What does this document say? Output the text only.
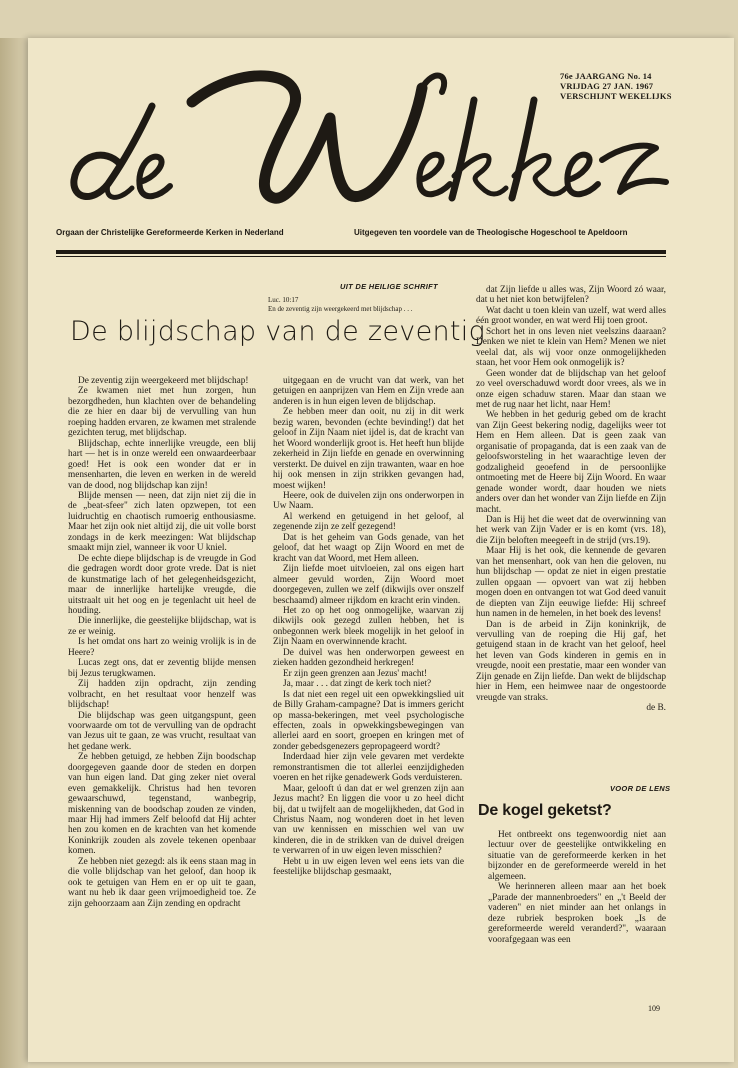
76e JAARGANG No. 14
VRIJDAG 27 JAN. 1967
VERSCHIJNT WEKELIJKS
Orgaan der Christelijke Gereformeerde Kerken in Nederland	Uitgegeven ten voordele van de Theologische Hogeschool te Apeldoorn
UIT DE HEILIGE SCHRIFT
Luc. 10:17
En de zeventig zijn weergekeerd met blijdschap . . .
De blijdschap van de zeventig

De zeventig zijn weergekeerd met blijdschap!

Ze kwamen niet met hun zorgen, hun bezorgdheden, hun klachten over de behandeling die ze hier en daar bij de vervulling van hun roeping hadden ervaren, ze kwamen met stralende gezichten terug, met blijdschap.

Blijdschap, echte innerlijke vreugde, een blij hart — het is in onze wereld een onwaardeerbaar goed! Het is ook een wonder dat er in mensenharten, die leven en werken in de wereld van de dood, nog blijdschap kan zijn!

Blijde mensen — neen, dat zijn niet zij die in de „beat-sfeer" zich laten opzwepen, tot een luidruchtig en chaotisch rumoerig enthousiasme. Maar het zijn ook niet altijd zij, die uit volle borst zondags in de kerk meezingen: Wat blijdschap smaakt mijn ziel, wanneer ik voor U kniel.

De echte diepe blijdschap is de vreugde in God die gedragen wordt door grote vrede. Dat is niet de kunstmatige lach of het gelegenheidsgezicht, maar de innerlijke hartelijke vreugde, die uitstraalt uit het oog en je tegenlacht uit heel de houding.

Die innerlijke, die geestelijke blijdschap, wat is ze er weinig.

Is het omdat ons hart zo weinig vrolijk is in de Heere?

Lucas zegt ons, dat er zeventig blijde mensen bij Jezus terugkwamen.

Zij hadden zijn opdracht, zijn zending volbracht, en het resultaat voor henzelf was blijdschap!

Die blijdschap was geen uitgangspunt, geen voorwaarde om tot de vervulling van de opdracht van Jezus uit te gaan, ze was vrucht, resultaat van het gedane werk.

Ze hebben getuigd, ze hebben Zijn boodschap doorgegeven gaande door de steden en dorpen van hun eigen land. Dat ging zeker niet overal even gemakkelijk. Christus had hen tevoren gewaarschuwd, tegenstand, wanbegrip, miskenning van de boodschap zouden ze vinden, maar Hij had immers Zelf beloofd dat Hij achter hen zou komen en de krachten van het komende Koninkrijk zouden als zovele tekenen openbaar komen.

Ze hebben niet gezegd: als ik eens staan mag in die volle blijdschap van het geloof, dan hoop ik ook te getuigen van Hem en er op uit te gaan, want nu heb ik daar geen vrijmoedigheid toe. Ze zijn gehoorzaam aan Zijn zending en opdracht

uitgegaan en de vrucht van dat werk, van het getuigen en aanprijzen van Hem en Zijn vrede aan anderen is in hun eigen leven de blijdschap.

Ze hebben meer dan ooit, nu zij in dit werk bezig waren, bevonden (echte bevinding!) dat het geloof in Zijn Naam niet ijdel is, dat de kracht van het Woord wonderlijk groot is. Het heeft hun blijde zekerheid in Zijn liefde en genade en overwinning versterkt. De duivel en zijn trawanten, waar en hoe hij ook mensen in zijn strikken gevangen had, moest wijken!

Heere, ook de duivelen zijn ons onderworpen in Uw Naam.

Al werkend en getuigend in het geloof, al zegenende zijn ze zelf gezegend!

Dat is het geheim van Gods genade, van het geloof, dat het waagt op Zijn Woord en met de kracht van dat Woord, met Hem alleen.

Zijn liefde moet uitvloeien, zal ons eigen hart almeer gevuld worden, Zijn Woord moet doorgegeven, zullen we zelf (dikwijls over onszelf beschaamd) almeer rijkdom en kracht erin vinden.

Het zo op het oog onmogelijke, waarvan zij dikwijls ook gezegd zullen hebben, het is onbegonnen werk bleek mogelijk in het geloof in Zijn Naam en overwinnende kracht.

De duivel was hen onderworpen geweest en zieken hadden gezondheid herkregen!

Er zijn geen grenzen aan Jezus' macht!

Ja, maar . . . dat zingt de kerk toch niet?

Is dat niet een regel uit een opwekkingslied uit de Billy Graham-campagne? Dat is immers gericht op massa-bekeringen, met veel psychologische effecten, zoals in opwekkingsbewegingen van allerlei aard en soort, groepen en kringen met of zonder gebedsgenezers gepropageerd wordt?

Inderdaad hier zijn vele gevaren met verdekte remonstrantismen die tot allerlei eenzijdigheden voeren en het rijke genadewerk Gods verduisteren.

Maar, gelooft ú dan dat er wel grenzen zijn aan Jezus macht? En liggen die voor u zo heel dicht bij, dat u twijfelt aan de mogelijkheden, dat God in Christus Naam, nog wonderen doet in het leven van uw kennissen en misschien wel van uw kinderen, die in de strikken van de duivel dreigen te verwarren of in uw eigen leven misschien?

Hebt u in uw eigen leven wel eens iets van die feestelijke blijdschap gesmaakt,

dat Zijn liefde u alles was, Zijn Woord zó waar, dat u het niet kon betwijfelen?

Wat dacht u toen klein van uzelf, wat werd alles één groot wonder, en wat werd Hij toen groot.

Schort het in ons leven niet veelszins daaraan? Denken we niet te klein van Hem? Menen we niet veelal dat, als wij voor onze onmogelijkheden staan, het voor Hem ook onmogelijk is?

Geen wonder dat de blijdschap van het geloof zo veel overschaduwd wordt door vrees, als we in onze eigen schaduw staren. Maar dan staan we met de rug naar het licht, naar Hem!

We hebben in het gedurig gebed om de kracht van Zijn Geest bekering nodig, dagelijks weer tot Hem en Hem alleen. Dat is geen zaak van organisatie of propaganda, dat is een zaak van de geloofsworsteling in het waarachtige leven der godzaligheid geoefend in de persoonlijke ontmoeting met de Heere bij Zijn Woord. En waar genade wonder wordt, daar houden we niets anders over dan het wonder van Zijn liefde en Zijn macht.

Dan is Hij het die weet dat de overwinning van het werk van Zijn Vader er is en komt (vrs. 18), die Zijn beloften meegeeft in de strijd (vrs.19).

Maar Hij is het ook, die kennende de gevaren van het mensenhart, ook van hen die geloven, nu hun blijdschap — opdat ze niet in eigen prestatie zullen opgaan — opvoert van wat zij hebben mogen doen en ontvangen tot wat God deed vanuit de diepten van Zijn eeuwige liefde: Hij schreef hun namen in de hemelen, in het boek des levens!

Dan is de arbeid in Zijn koninkrijk, de vervulling van de roeping die Hij gaf, het getuigend staan in de kracht van het geloof, heel het leven van Gods kinderen in gemis en in vreugde, nooit een prestatie, maar een wonder van Zijn genade en Zijn liefde. Dan wekt de blijdschap hier in Hem, een heimwee naar de ongestoorde vreugde van straks.

de B.

VOOR DE LENS
De kogel geketst?

Het ontbreekt ons tegenwoordig niet aan lectuur over de geestelijke ontwikkeling en situatie van de gereformeerde kerken in het bijzonder en de gereformeerde wereld in het algemeen.

We herinneren alleen maar aan het boek „Parade der mannenbroeders" en „'t Beeld der vaderen" en niet minder aan het onlangs in deze rubriek besproken boek „Is de gereformeerde wereld veranderd?", waaraan voorafgegaan was een

109
